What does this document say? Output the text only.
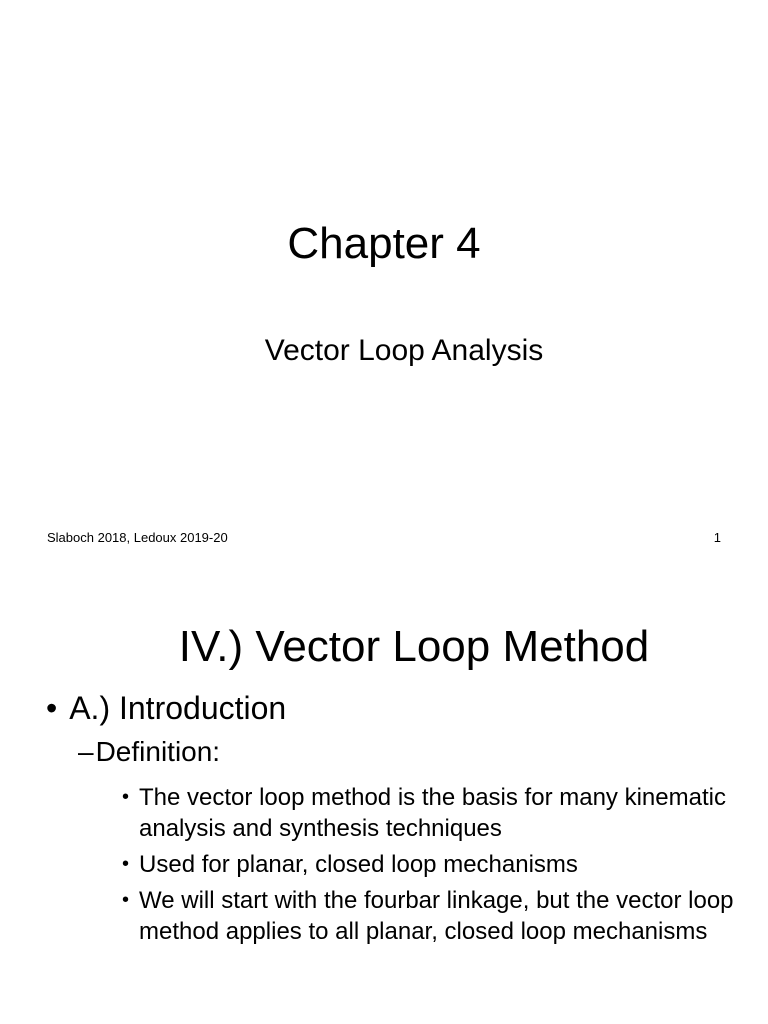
Chapter 4
Vector Loop Analysis
Slaboch 2018, Ledoux 2019-20	1
IV.) Vector Loop Method
• A.) Introduction
– Definition:
• The vector loop method is the basis for many kinematic analysis and synthesis techniques
• Used for planar, closed loop mechanisms
• We will start with the fourbar linkage, but the vector loop method applies to all planar, closed loop mechanisms
